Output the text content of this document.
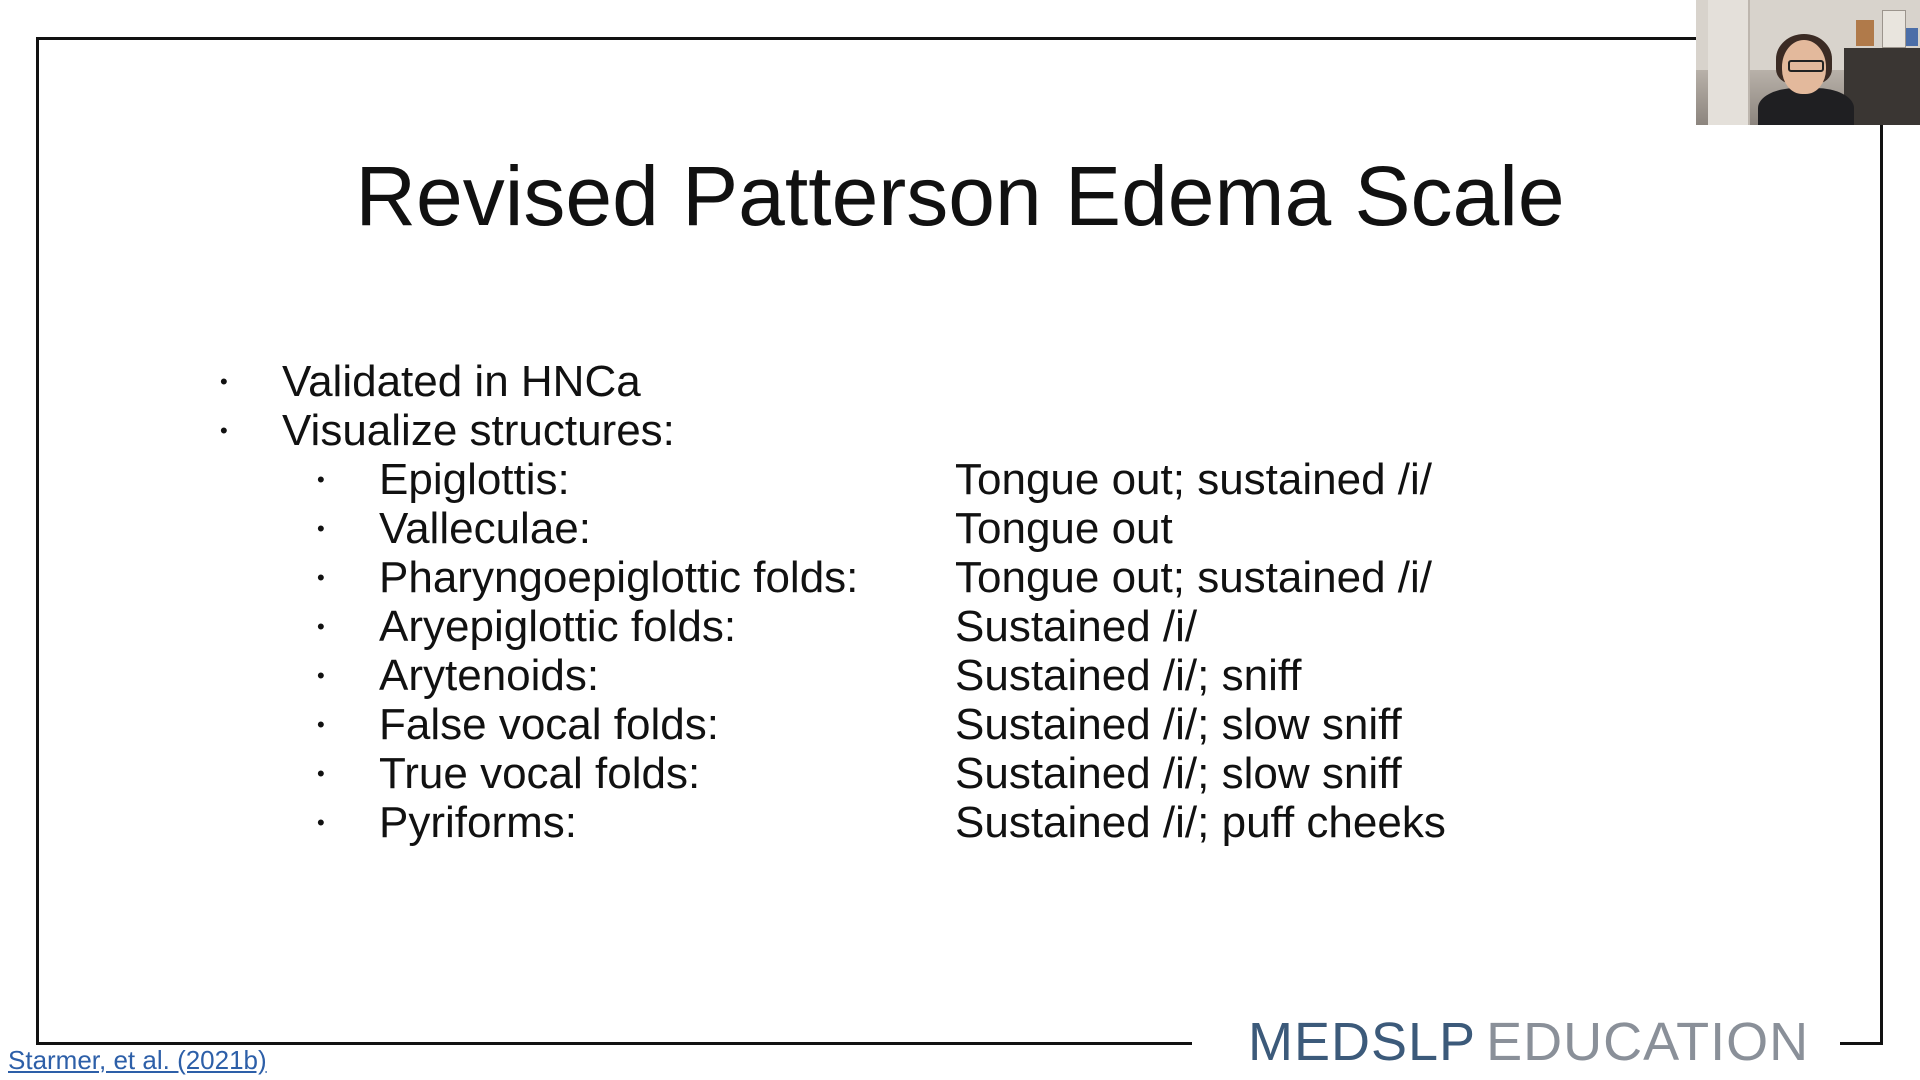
Revised Patterson Edema Scale
• Validated in HNCa
• Visualize structures:
• Epiglottis:	Tongue out; sustained /i/
• Valleculae:	Tongue out
• Pharyngoepiglottic folds: Tongue out; sustained /i/
• Aryepiglottic folds:	Sustained /i/
• Arytenoids:	Sustained /i/; sniff
• False vocal folds:	Sustained /i/; slow sniff
• True vocal folds:	Sustained /i/; slow sniff
• Pyriforms:	Sustained /i/; puff cheeks
MEDSLP EDUCATION
Starmer, et al. (2021b)
